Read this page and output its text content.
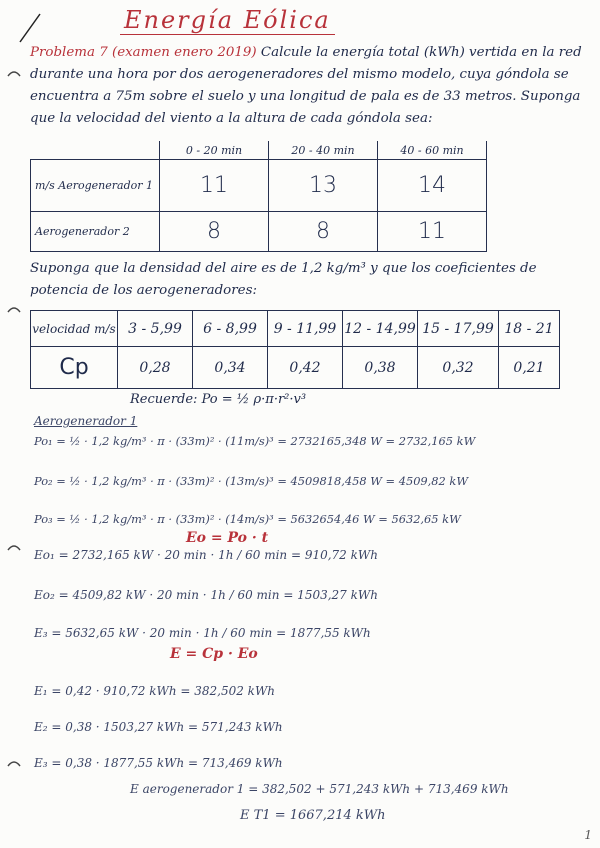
Energía Eólica
Problema 7 (examen enero 2019) Calcule la energía total (kWh) vertida en la red durante una hora por dos aerogeneradores del mismo modelo, cuya góndola se encuentra a 75m sobre el suelo y una longitud de pala es de 33 metros. Suponga que la velocidad del viento a la altura de cada góndola sea:
	0 - 20 min	20 - 40 min	40 - 60 min
m/s Aerogenerador 1	11	13	14
Aerogenerador 2	8	8	11
Suponga que la densidad del aire es de 1,2 kg/m³ y que los coeficientes de potencia de los aerogeneradores:
velocidad m/s	3 - 5,99	6 - 8,99	9 - 11,99	12 - 14,99	15 - 17,99	18 - 21
Cp	0,28	0,34	0,42	0,38	0,32	0,21
Recuerde: Po = ½ ρ·π·r²·v³
Aerogenerador 1
Po₁ = ½ · 1,2 kg/m³ · π · (33m)² · (11m/s)³ = 2732165,348 W = 2732,165 kW
Po₂ = ½ · 1,2 kg/m³ · π · (33m)² · (13m/s)³ = 4509818,458 W = 4509,82 kW
Po₃ = ½ · 1,2 kg/m³ · π · (33m)² · (14m/s)³ = 5632654,46 W = 5632,65 kW
Eo = Po · t
Eo₁ = 2732,165 kW · 20 min · 1h / 60 min = 910,72 kWh
Eo₂ = 4509,82 kW · 20 min · 1h / 60 min = 1503,27 kWh
E₃ = 5632,65 kW · 20 min · 1h / 60 min = 1877,55 kWh
E = Cp · Eo
E₁ = 0,42 · 910,72 kWh = 382,502 kWh
E₂ = 0,38 · 1503,27 kWh = 571,243 kWh
E₃ = 0,38 · 1877,55 kWh = 713,469 kWh
E aerogenerador 1 = 382,502 + 571,243 kWh + 713,469 kWh
E T1 = 1667,214 kWh
1
